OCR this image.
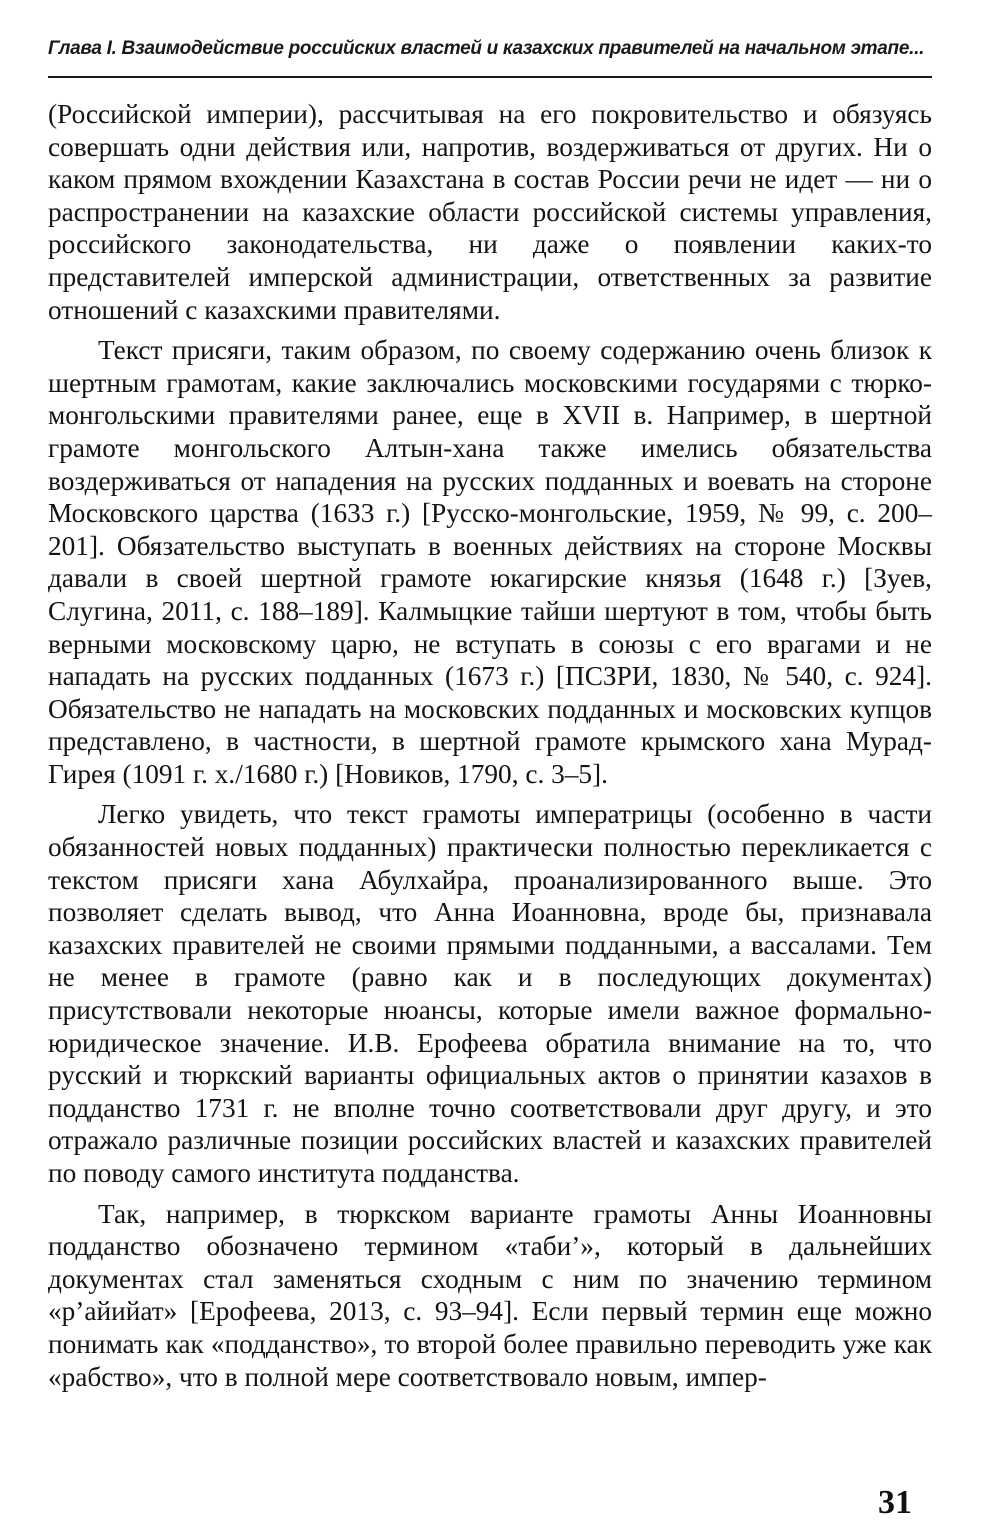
Глава I. Взаимодействие российских властей и казахских правителей на начальном этапе...

(Российской империи), рассчитывая на его покровительство и обязуясь совершать одни действия или, напротив, воздерживаться от других. Ни о каком прямом вхождении Казахстана в состав России речи не идет — ни о распространении на казахские области российской системы управления, российского законодательства, ни даже о появлении каких-то представителей имперской администрации, ответственных за развитие отношений с казахскими правителями.

Текст присяги, таким образом, по своему содержанию очень близок к шертным грамотам, какие заключались московскими государями с тюрко-монгольскими правителями ранее, еще в XVII в. Например, в шертной грамоте монгольского Алтын-хана также имелись обязательства воздерживаться от нападения на русских подданных и воевать на стороне Московского царства (1633 г.) [Русско-монгольские, 1959, № 99, с. 200–201]. Обязательство выступать в военных действиях на стороне Москвы давали в своей шертной грамоте юкагирские князья (1648 г.) [Зуев, Слугина, 2011, с. 188–189]. Калмыцкие тайши шертуют в том, чтобы быть верными московскому царю, не вступать в союзы с его врагами и не нападать на русских подданных (1673 г.) [ПСЗРИ, 1830, № 540, с. 924]. Обязательство не нападать на московских подданных и московских купцов представлено, в частности, в шертной грамоте крымского хана Мурад-Гирея (1091 г. х./1680 г.) [Новиков, 1790, с. 3–5].

Легко увидеть, что текст грамоты императрицы (особенно в части обязанностей новых подданных) практически полностью перекликается с текстом присяги хана Абулхайра, проанализированного выше. Это позволяет сделать вывод, что Анна Иоанновна, вроде бы, признавала казахских правителей не своими прямыми подданными, а вассалами. Тем не менее в грамоте (равно как и в последующих документах) присутствовали некоторые нюансы, которые имели важное формально-юридическое значение. И.В. Ерофеева обратила внимание на то, что русский и тюркский варианты официальных актов о принятии казахов в подданство 1731 г. не вполне точно соответствовали друг другу, и это отражало различные позиции российских властей и казахских правителей по поводу самого института подданства.

Так, например, в тюркском варианте грамоты Анны Иоанновны подданство обозначено термином «таби’», который в дальнейших документах стал заменяться сходным с ним по значению термином «р’айийат» [Ерофеева, 2013, с. 93–94]. Если первый термин еще можно понимать как «подданство», то второй более правильно переводить уже как «рабство», что в полной мере соответствовало новым, импер-

31
